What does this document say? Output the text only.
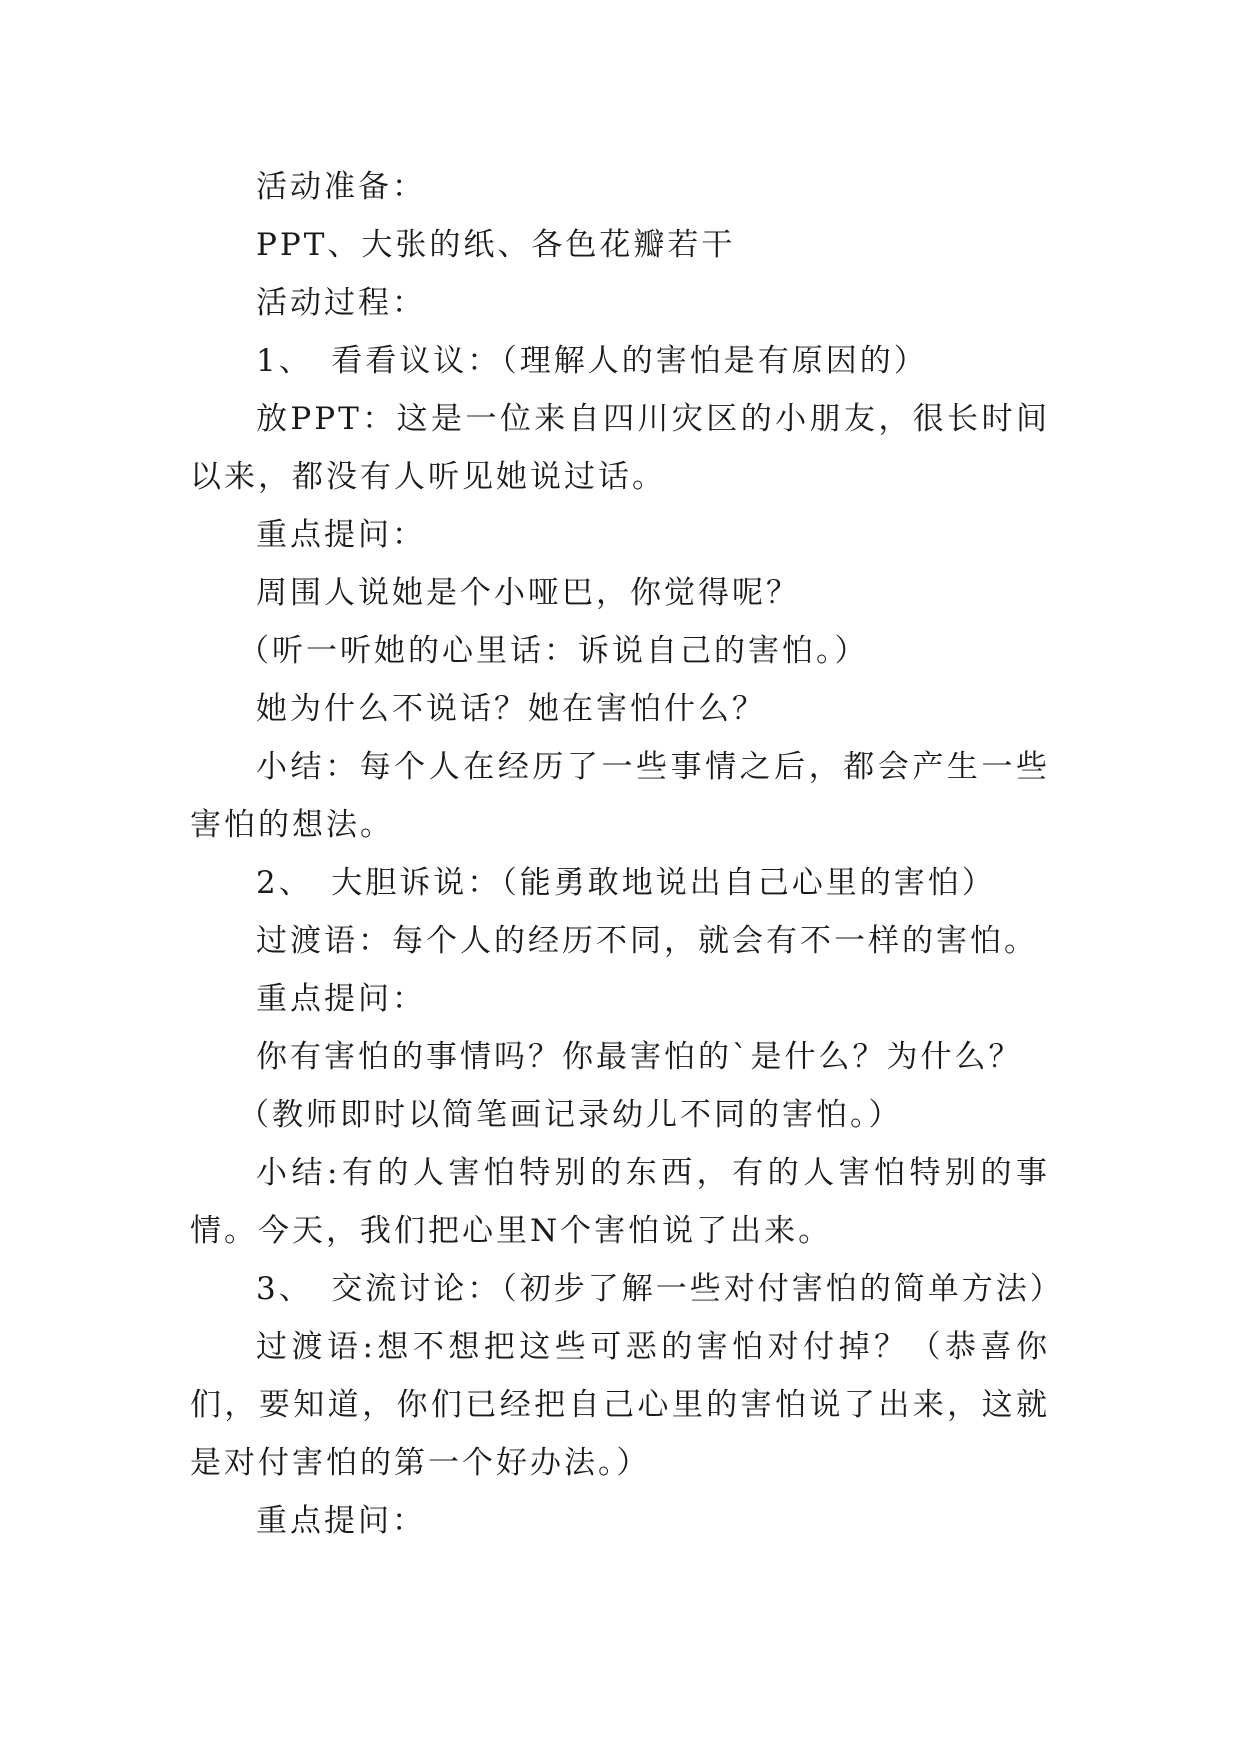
活动准备：

PPT、大张的纸、各色花瓣若干

活动过程：

1、　看看议议：（理解人的害怕是有原因的）

放PPT：这是一位来自四川灾区的小朋友，很长时间以来，都没有人听见她说过话。

重点提问：

周围人说她是个小哑巴，你觉得呢？

（听一听她的心里话：诉说自己的害怕。）

她为什么不说话？她在害怕什么？

小结：每个人在经历了一些事情之后，都会产生一些害怕的想法。

2、　大胆诉说：（能勇敢地说出自己心里的害怕）

过渡语：每个人的经历不同，就会有不一样的害怕。

重点提问：

你有害怕的事情吗？你最害怕的`是什么？为什么？

（教师即时以简笔画记录幼儿不同的害怕。）

小结:有的人害怕特别的东西，有的人害怕特别的事情。今天，我们把心里N个害怕说了出来。

3、　交流讨论：（初步了解一些对付害怕的简单方法）

过渡语:想不想把这些可恶的害怕对付掉？（恭喜你们，要知道，你们已经把自己心里的害怕说了出来，这就是对付害怕的第一个好办法。）

重点提问：
